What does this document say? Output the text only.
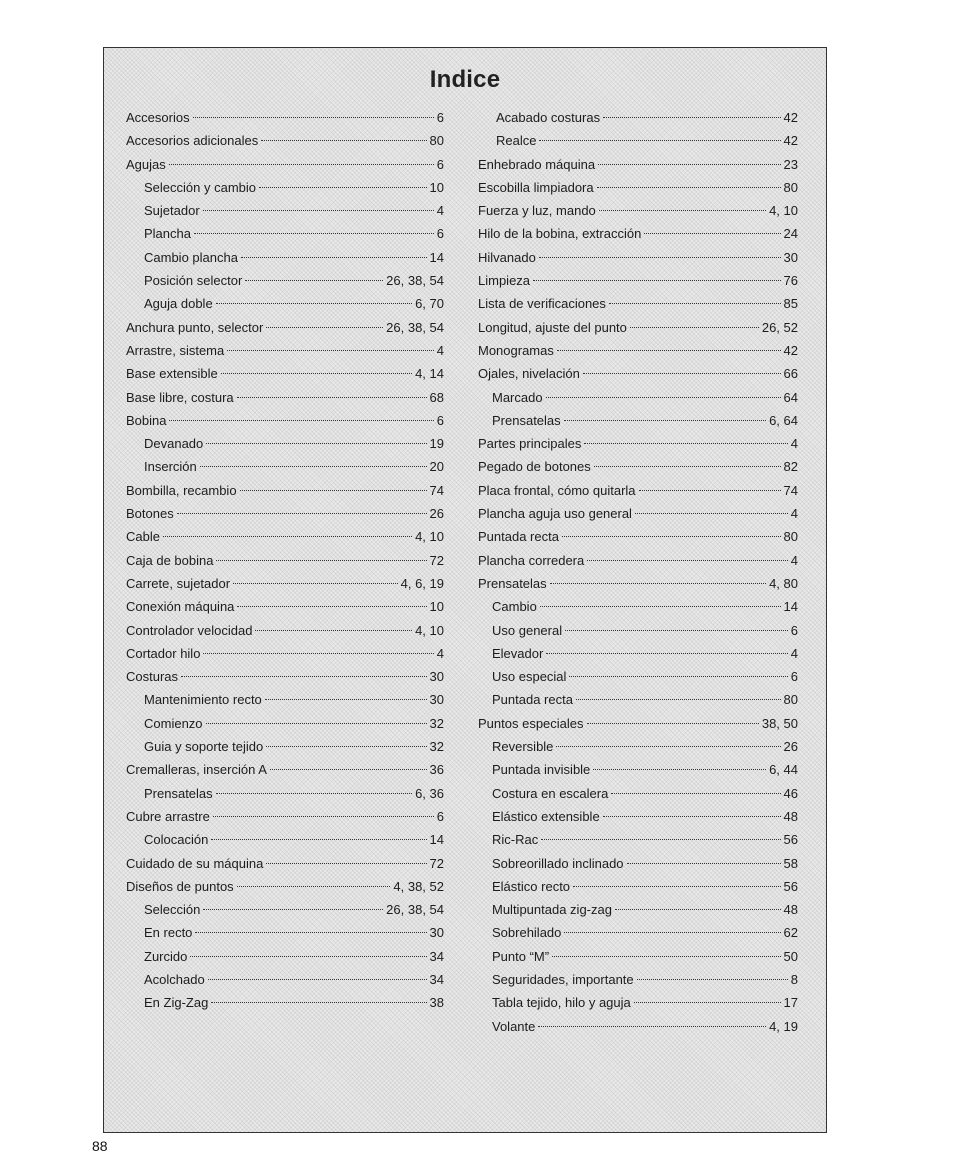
Indice
Accesorios	6
Accesorios adicionales	80
Agujas	6
Selección y cambio	10
Sujetador	4
Plancha	6
Cambio plancha	14
Posición selector	26, 38, 54
Aguja doble	6, 70
Anchura punto, selector	26, 38, 54
Arrastre, sistema	4
Base extensible	4, 14
Base libre, costura	68
Bobina	6
Devanado	19
Inserción	20
Bombilla, recambio	74
Botones	26
Cable	4, 10
Caja de bobina	72
Carrete, sujetador	4, 6, 19
Conexión máquina	10
Controlador velocidad	4, 10
Cortador hilo	4
Costuras	30
Mantenimiento recto	30
Comienzo	32
Guia y soporte tejido	32
Cremalleras, inserción A	36
Prensatelas	6, 36
Cubre arrastre	6
Colocación	14
Cuidado de su máquina	72
Diseños de puntos	4, 38, 52
Selección	26, 38, 54
En recto	30
Zurcido	34
Acolchado	34
En Zig-Zag	38
Acabado costuras	42
Realce	42
Enhebrado máquina	23
Escobilla limpiadora	80
Fuerza y luz, mando	4, 10
Hilo de la bobina, extracción	24
Hilvanado	30
Limpieza	76
Lista de verificaciones	85
Longitud, ajuste del punto	26, 52
Monogramas	42
Ojales, nivelación	66
Marcado	64
Prensatelas	6, 64
Partes principales	4
Pegado de botones	82
Placa frontal, cómo quitarla	74
Plancha aguja uso general	4
Puntada recta	80
Plancha corredera	4
Prensatelas	4, 80
Cambio	14
Uso general	6
Elevador	4
Uso especial	6
Puntada recta	80
Puntos especiales	38, 50
Reversible	26
Puntada invisible	6, 44
Costura en escalera	46
Elástico extensible	48
Ric-Rac	56
Sobreorillado inclinado	58
Elástico recto	56
Multipuntada zig-zag	48
Sobrehilado	62
Punto “M”	50
Seguridades, importante	8
Tabla tejido, hilo y aguja	17
Volante	4, 19
88
